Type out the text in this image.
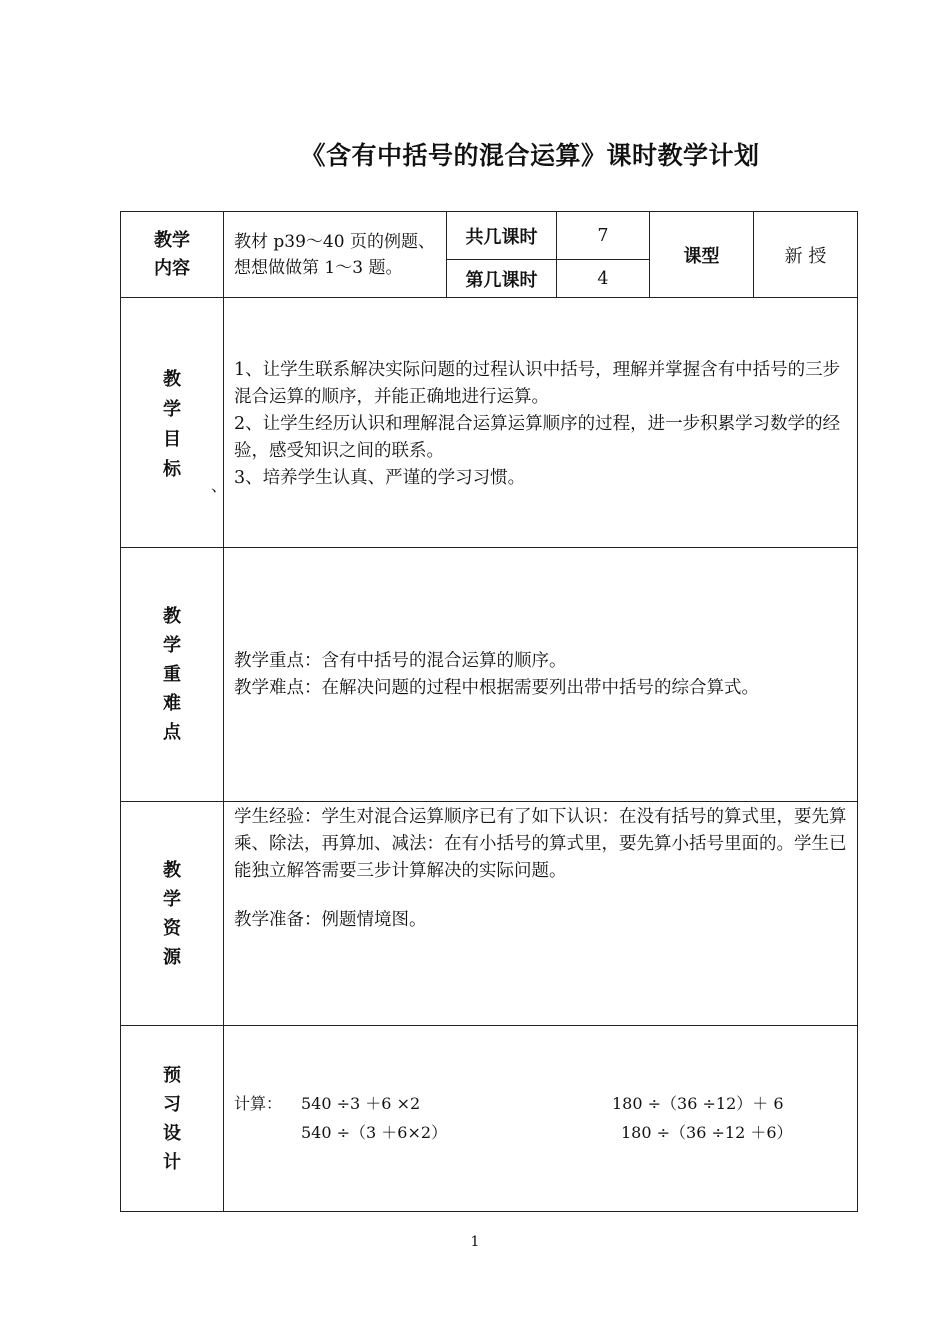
《含有中括号的混合运算》课时教学计划
教学内容	教材 p39～40 页的例题、想想做做第 1～3 题。	共几课时	7	课型	新 授
		第几课时	4		

教学目标	1、让学生联系解决实际问题的过程认识中括号，理解并掌握含有中括号的三步混合运算的顺序，并能正确地进行运算。

2、让学生经历认识和理解混合运算运算顺序的过程，进一步积累学习数学的经验，感受知识之间的联系。

3、培养学生认真、严谨的学习习惯。				

教学重难点	教学重点：含有中括号的混合运算的顺序。

教学难点：在解决问题的过程中根据需要列出带中括号的综合算式。				

教学资源	学生经验：学生对混合运算顺序已有了如下认识：在没有括号的算式里，要先算乘、除法，再算加、减法：在有小括号的算式里，要先算小括号里面的。学生已能独立解答需要三步计算解决的实际问题。

教学准备：例题情境图。				

预习设计	计算： 540 ÷3 ＋6 ×2 180 ÷（36 ÷12）＋ 6
540 ÷（3 ＋6×2） 180 ÷（36 ÷12 ＋6）				
、
1
